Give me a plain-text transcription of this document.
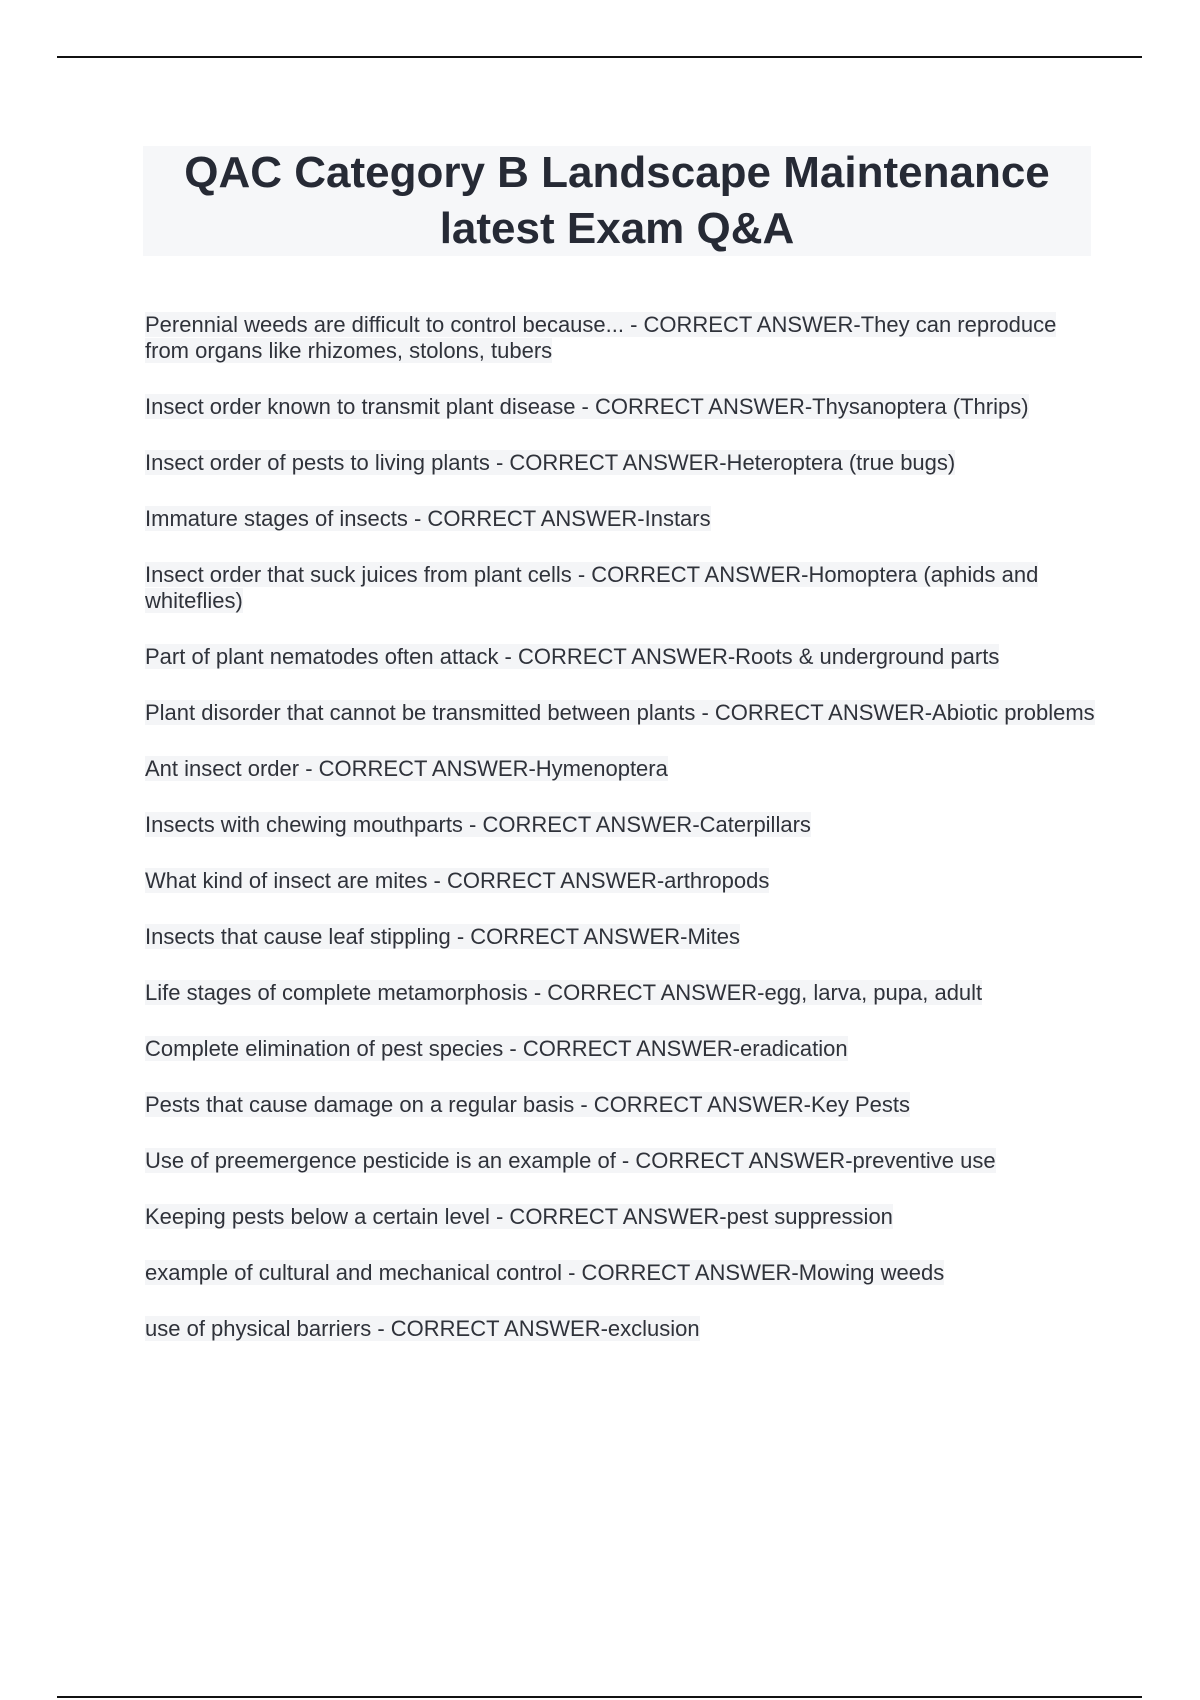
QAC Category B Landscape Maintenance latest Exam Q&A
Perennial weeds are difficult to control because... - CORRECT ANSWER-They can reproduce from organs like rhizomes, stolons, tubers
Insect order known to transmit plant disease - CORRECT ANSWER-Thysanoptera (Thrips)
Insect order of pests to living plants - CORRECT ANSWER-Heteroptera (true bugs)
Immature stages of insects - CORRECT ANSWER-Instars
Insect order that suck juices from plant cells - CORRECT ANSWER-Homoptera (aphids and whiteflies)
Part of plant nematodes often attack - CORRECT ANSWER-Roots & underground parts
Plant disorder that cannot be transmitted between plants - CORRECT ANSWER-Abiotic problems
Ant insect order - CORRECT ANSWER-Hymenoptera
Insects with chewing mouthparts - CORRECT ANSWER-Caterpillars
What kind of insect are mites - CORRECT ANSWER-arthropods
Insects that cause leaf stippling - CORRECT ANSWER-Mites
Life stages of complete metamorphosis - CORRECT ANSWER-egg, larva, pupa, adult
Complete elimination of pest species - CORRECT ANSWER-eradication
Pests that cause damage on a regular basis - CORRECT ANSWER-Key Pests
Use of preemergence pesticide is an example of - CORRECT ANSWER-preventive use
Keeping pests below a certain level - CORRECT ANSWER-pest suppression
example of cultural and mechanical control - CORRECT ANSWER-Mowing weeds
use of physical barriers - CORRECT ANSWER-exclusion
